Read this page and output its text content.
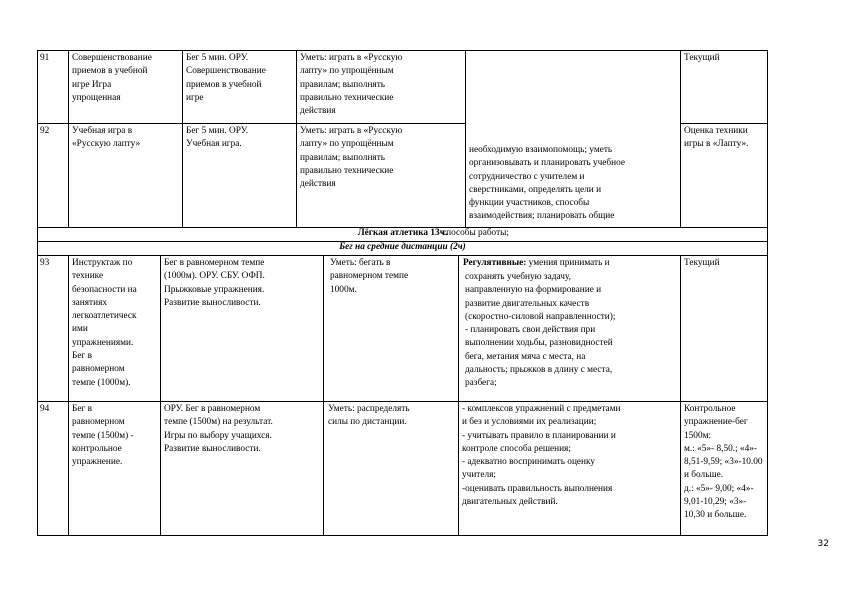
91 Совершенствование
приемов в учебной
игре Игра
упрощенная
Бег 5 мин. ОРУ.
Совершенствование
приемов в учебной
игре
Уметь: играть в «Русскую
лапту» по упрощённым
правилам; выполнять
правильно технические
действия
Текущий
92 Учебная игра в
«Русскую лапту»
Бег 5 мин. ОРУ.
Учебная игра.
Уметь: играть в «Русскую
лапту» по упрощённым
правилам; выполнять
правильно технические
действия
Оценка техники
игры в «Лапту».
необходимую взаимопомощь; уметь
организовывать и планировать учебное
сотрудничество с учителем и
сверстниками, определять цели и
функции участников, способы
взаимодействия; планировать общие
способы работы;
Лёгкая атлетика 13ч.
Бег на средние дистанции (2ч)
93 Инструктаж по
технике
безопасности на
занятиях
легкоатлетическ
ими
упражнениями.
Бег в
равномерном
темпе (1000м).
Бег в равномерном темпе
(1000м). ОРУ. СБУ. ОФП.
Прыжковые упражнения.
Развитие выносливости.
Уметь: бегать в
равномерном темпе
1000м.
Регулятивные: умения принимать и
сохранять учебную задачу,
направленную на формирование и
развитие двигательных качеств
(скоростно-силовой направленности);
- планировать свои действия при
выполнении ходьбы, разновидностей
бега, метания мяча с места, на
дальность; прыжков в длину с места,
разбега;
Текущий
94 Бег в
равномерном
темпе (1500м) -
контрольное
упражнение.
ОРУ. Бег в равномерном
темпе (1500м) на результат.
Игры по выбору учащихся.
Развитие выносливости.
Уметь: распределять
силы по дистанции.
- комплексов упражнений с предметами
и без и условиями их реализации;
- учитывать правило в планировании и
контроле способа решения;
- адекватно воспринимать оценку
учителя;
-оценивать правильность выполнения
двигательных действий.
Контрольное
упражнение-бег
1500м:
м.: «5»- 8,50.; «4»-
8,51-9,59; «3»-10.00
и больше.
д.: «5»- 9,00; «4»-
9,01-10,29; «3»-
10,30 и больше.
32
